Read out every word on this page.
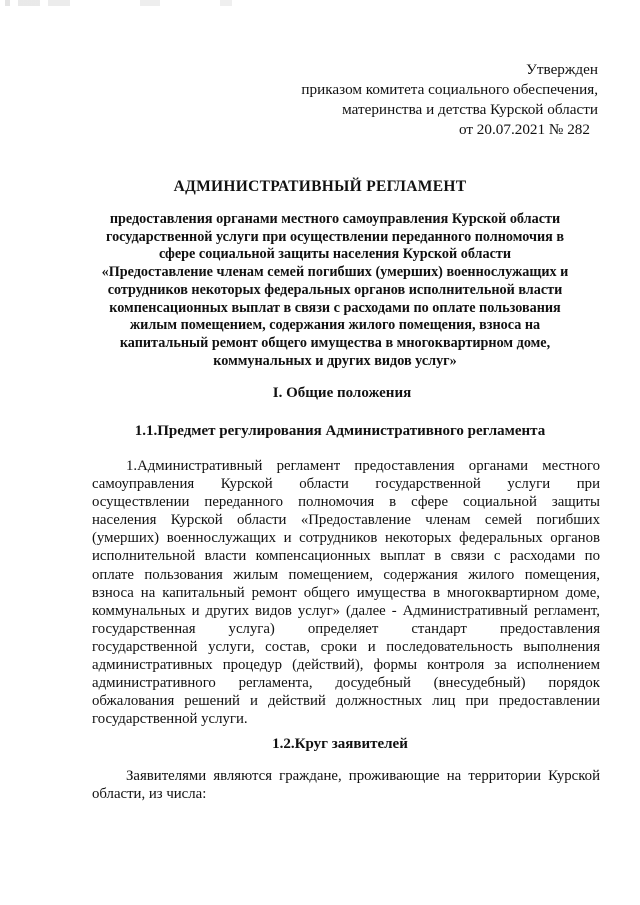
Утвержден
приказом комитета социального обеспечения,
материнства и детства Курской области
от 20.07.2021 № 282
АДМИНИСТРАТИВНЫЙ РЕГЛАМЕНТ
предоставления органами местного самоуправления Курской области
государственной услуги при осуществлении переданного полномочия в
сфере социальной защиты населения Курской области
«Предоставление членам семей погибших (умерших) военнослужащих и
сотрудников некоторых федеральных органов исполнительной власти
компенсационных выплат в связи с расходами по оплате пользования
жилым помещением, содержания жилого помещения, взноса на
капитальный ремонт общего имущества в многоквартирном доме,
коммунальных и других видов услуг»
I. Общие положения
1.1.Предмет регулирования Административного регламента
1.Административный регламент предоставления органами местного
самоуправления Курской области государственной услуги при
осуществлении переданного полномочия в сфере социальной защиты
населения Курской области «Предоставление членам семей погибших
(умерших) военнослужащих и сотрудников некоторых федеральных органов
исполнительной власти компенсационных выплат в связи с расходами по
оплате пользования жилым помещением, содержания жилого помещения,
взноса на капитальный ремонт общего имущества в многоквартирном доме,
коммунальных и других видов услуг» (далее - Административный регламент,
государственная услуга) определяет стандарт предоставления
государственной услуги, состав, сроки и последовательность выполнения
административных процедур (действий), формы контроля за исполнением
административного регламента, досудебный (внесудебный) порядок
обжалования решений и действий должностных лиц при предоставлении
государственной услуги.
1.2.Круг заявителей
Заявителями являются граждане, проживающие на территории Курской
области, из числа:
